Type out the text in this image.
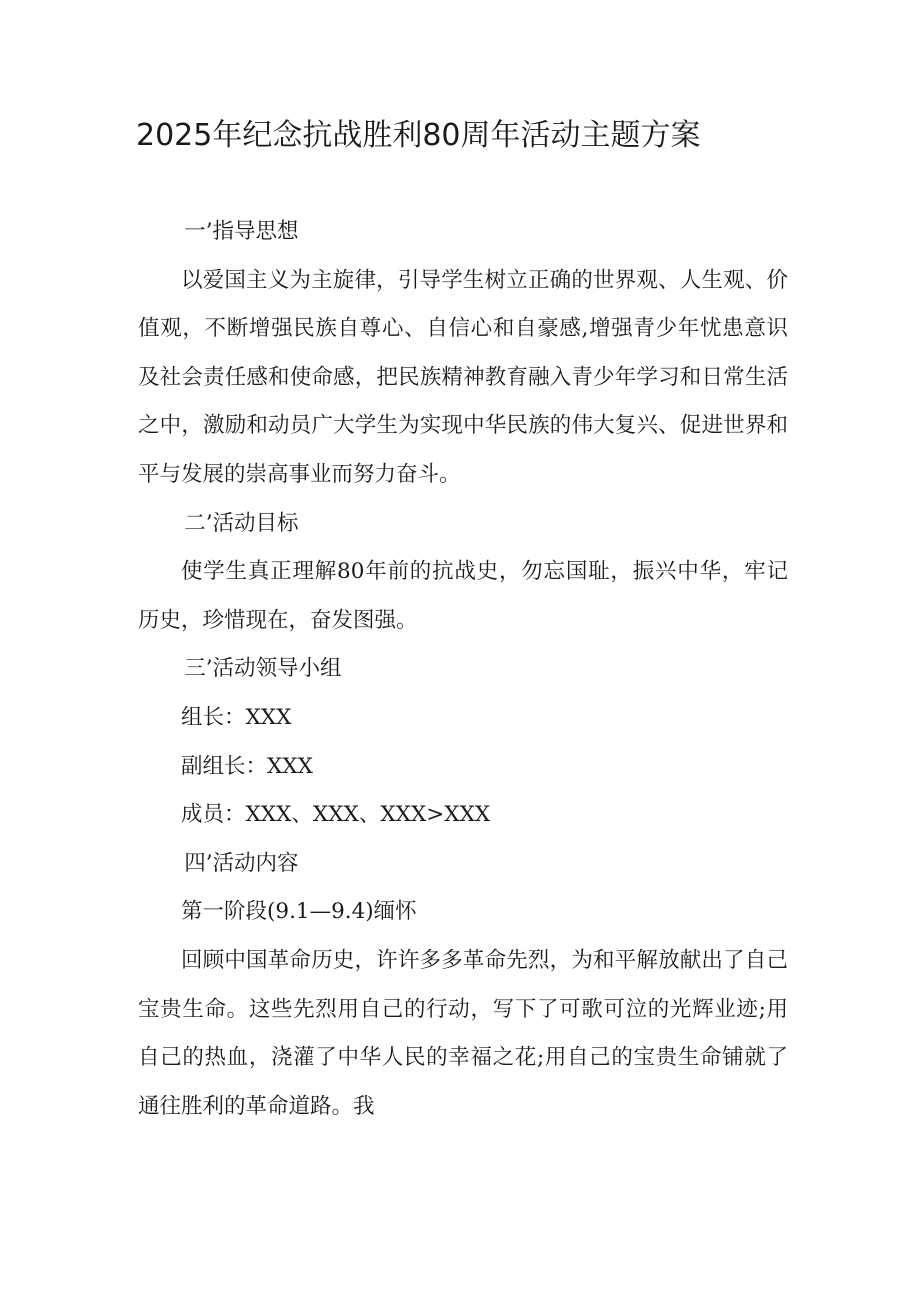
2025年纪念抗战胜利80周年活动主题方案

一’指导思想

以爱国主义为主旋律，引导学生树立正确的世界观、人生观、价值观，不断增强民族自尊心、自信心和自豪感,增强青少年忧患意识及社会责任感和使命感，把民族精神教育融入青少年学习和日常生活之中，激励和动员广大学生为实现中华民族的伟大复兴、促进世界和平与发展的崇高事业而努力奋斗。

二’活动目标

使学生真正理解80年前的抗战史，勿忘国耻，振兴中华，牢记历史，珍惜现在，奋发图强。

三’活动领导小组

组长：XXX

副组长：XXX

成员：XXX、XXX、XXX>XXX

四’活动内容

第一阶段(9.1—9.4)缅怀

回顾中国革命历史，许许多多革命先烈，为和平解放献出了自己宝贵生命。这些先烈用自己的行动，写下了可歌可泣的光辉业迹;用自己的热血，浇灌了中华人民的幸福之花;用自己的宝贵生命铺就了通往胜利的革命道路。我
